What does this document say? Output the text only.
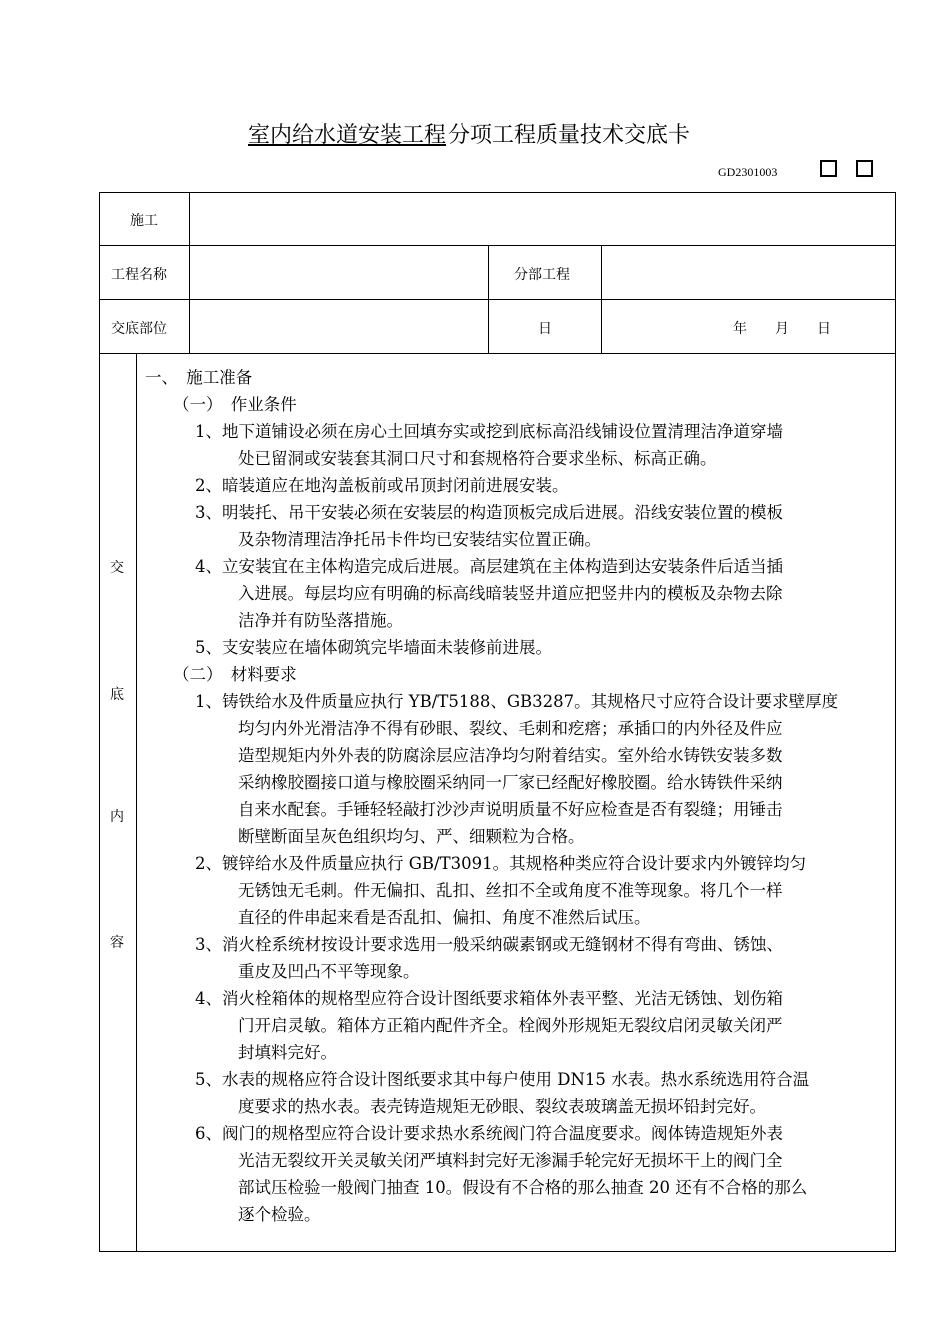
室内给水道安装工程分项工程质量技术交底卡
GD2301003
施工
工程名称	分部工程
交底部位	日	年　　月　　日
交
底
内
容
一、　施工准备
（一）　作业条件
1、地下道铺设必须在房心土回填夯实或挖到底标高沿线铺设位置清理洁净道穿墙
处已留洞或安装套其洞口尺寸和套规格符合要求坐标、标高正确。
2、暗装道应在地沟盖板前或吊顶封闭前进展安装。
3、明装托、吊干安装必须在安装层的构造顶板完成后进展。沿线安装位置的模板
及杂物清理洁净托吊卡件均已安装结实位置正确。
4、立安装宜在主体构造完成后进展。高层建筑在主体构造到达安装条件后适当插
入进展。每层均应有明确的标高线暗装竖井道应把竖井内的模板及杂物去除
洁净并有防坠落措施。
5、支安装应在墙体砌筑完毕墙面未装修前进展。
（二）　材料要求
1、铸铁给水及件质量应执行 YB/T5188、GB3287。其规格尺寸应符合设计要求壁厚度
均匀内外光滑洁净不得有砂眼、裂纹、毛刺和疙瘩；承插口的内外径及件应
造型规矩内外外表的防腐涂层应洁净均匀附着结实。室外给水铸铁安装多数
采纳橡胶圈接口道与橡胶圈采纳同一厂家已经配好橡胶圈。给水铸铁件采纳
自来水配套。手锤轻轻敲打沙沙声说明质量不好应检查是否有裂缝；用锤击
断壁断面呈灰色组织均匀、严、细颗粒为合格。
2、镀锌给水及件质量应执行 GB/T3091。其规格种类应符合设计要求内外镀锌均匀
无锈蚀无毛刺。件无偏扣、乱扣、丝扣不全或角度不准等现象。将几个一样
直径的件串起来看是否乱扣、偏扣、角度不准然后试压。
3、消火栓系统材按设计要求选用一般采纳碳素钢或无缝钢材不得有弯曲、锈蚀、
重皮及凹凸不平等现象。
4、消火栓箱体的规格型应符合设计图纸要求箱体外表平整、光洁无锈蚀、划伤箱
门开启灵敏。箱体方正箱内配件齐全。栓阀外形规矩无裂纹启闭灵敏关闭严
封填料完好。
5、水表的规格应符合设计图纸要求其中每户使用 DN15 水表。热水系统选用符合温
度要求的热水表。表壳铸造规矩无砂眼、裂纹表玻璃盖无损坏铅封完好。
6、阀门的规格型应符合设计要求热水系统阀门符合温度要求。阀体铸造规矩外表
光洁无裂纹开关灵敏关闭严填料封完好无渗漏手轮完好无损坏干上的阀门全
部试压检验一般阀门抽查 10。假设有不合格的那么抽查 20 还有不合格的那么
逐个检验。
